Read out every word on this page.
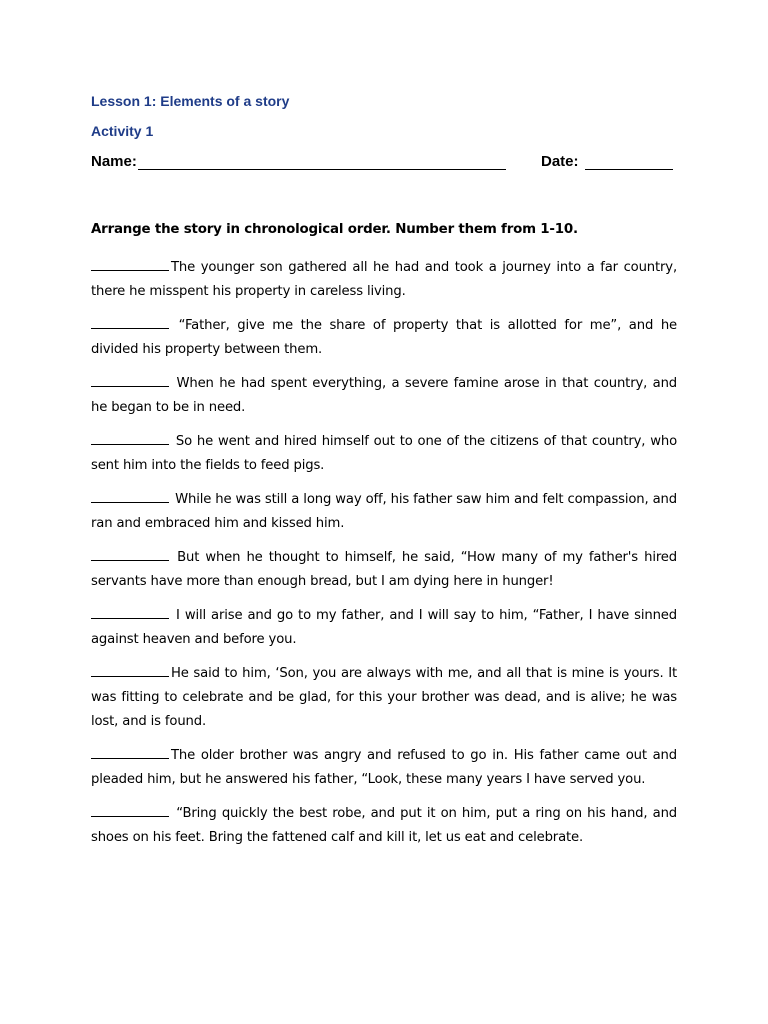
Lesson 1: Elements of a story
Activity 1
Name:	Date:
Arrange the story in chronological order. Number them from 1-10.
The younger son gathered all he had and took a journey into a far country, there he misspent his property in careless living.
“Father, give me the share of property that is allotted for me”, and he divided his property between them.
When he had spent everything, a severe famine arose in that country, and he began to be in need.
So he went and hired himself out to one of the citizens of that country, who sent him into the fields to feed pigs.
While he was still a long way off, his father saw him and felt compassion, and ran and embraced him and kissed him.
But when he thought to himself, he said, “How many of my father's hired servants have more than enough bread, but I am dying here in hunger!
I will arise and go to my father, and I will say to him, “Father, I have sinned against heaven and before you.
He said to him, ‘Son, you are always with me, and all that is mine is yours. It was fitting to celebrate and be glad, for this your brother was dead, and is alive; he was lost, and is found.
The older brother was angry and refused to go in. His father came out and pleaded him, but he answered his father, “Look, these many years I have served you.
“Bring quickly the best robe, and put it on him, put a ring on his hand, and shoes on his feet. Bring the fattened calf and kill it, let us eat and celebrate.
